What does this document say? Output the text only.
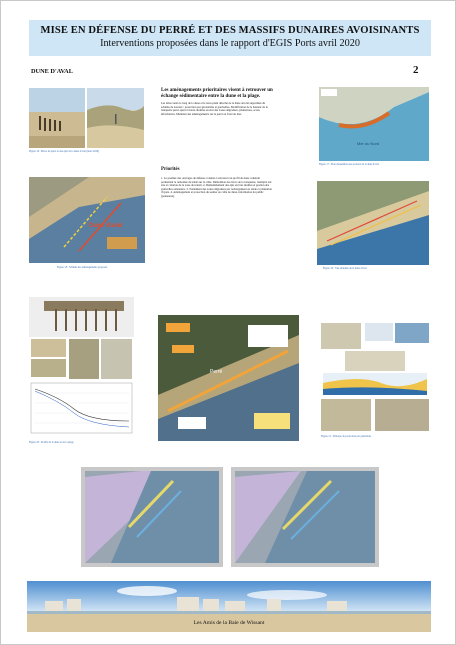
MISE EN DÉFENSE DU PERRÉ ET DES MASSIFS DUNAIRES AVOISINANTS
Interventions proposées dans le rapport d'EGIS Ports avril 2020
DUNE D'AVAL	2
Figure 16 : Photo du perré et des épis de la dune d'aval (mars 2020)
Les aménagements prioritaires visent à retrouver un échange sédimentaire entre la dune et la plage.
Les brise-vents le long de la dune et le terre-plein détaché de la dune ont été supprimés du schéma de travaux : protection par géotextiles et ganivelles. Modification de la hauteur de la banquette perré après travaux. Remise en état des zones dégradées, plantations, accès, information. Maintien des aménagements sur le perré en front de mer.
Mer du Nord
Figure 17 : Plan d'ensemble des secteurs de la dune d'aval
Dune d'aval
Figure 18 : Schéma des aménagements proposés
Priorités
1. Le premier des ouvrages de défense consiste à retrouver un profil de dune cohérent permettant la remontée du sable sur la crête. Démolition des blocs de la banquette, réemploi sur site et création de la zone de transit. 2. Démantèlement des épis en bois inutiles et gestion des ganivelles existantes. 3. Traitement des zones dégradées par rechargement en sable et plantation d'oyats. 4. Aménagement et protection du sentier en crête de dune, information du public (panneaux).
Figure 19 : Vue aérienne de la dune d'aval
Figure 20 : Profils de la dune et de la plage
Perré
Figure 21 : Principe de protection par ganivelles
Les Amis de la Baie de Wissant
